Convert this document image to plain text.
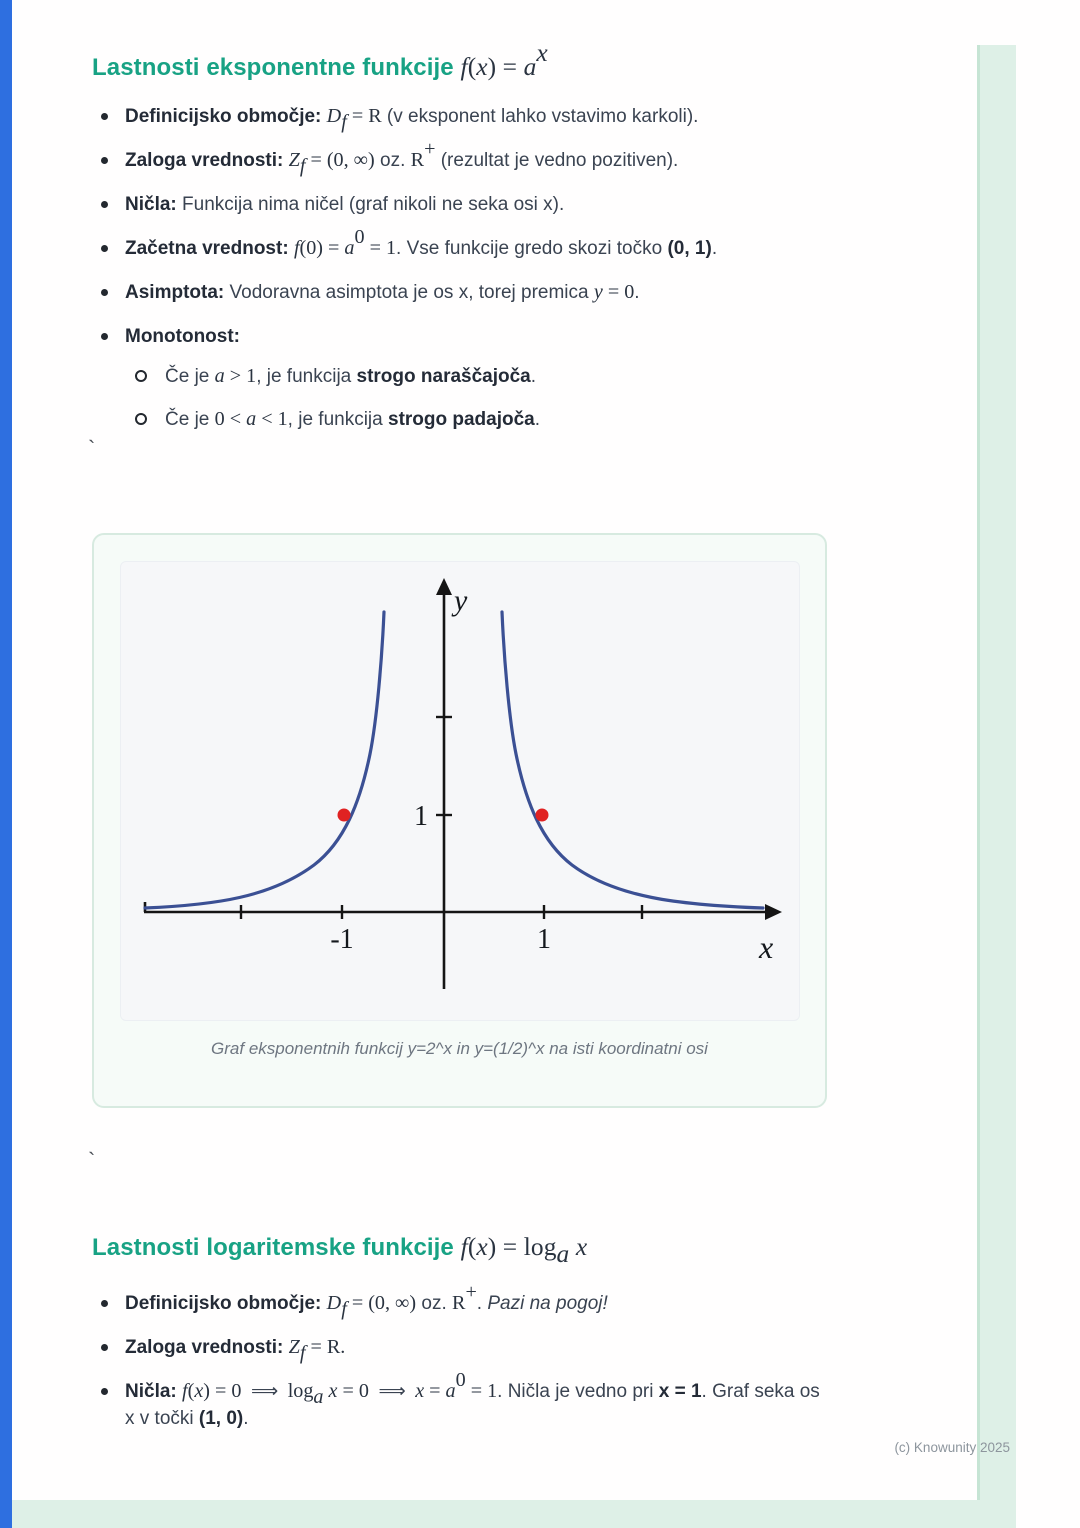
Lastnosti eksponentne funkcije $f(x) = a^x$
Definicijsko območje: $D_f = R$ (v eksponent lahko vstavimo karkoli).
Zaloga vrednosti: $Z_f = (0$, ∞) oz. R+ (rezultat je vedno pozitiven).
Ničla: Funkcija nima ničel (graf nikoli ne seka osi x).
Začetna vrednost: $f(0) = a^0 = 1$. Vse funkcije gredo skozi točko (0, 1).
Asimptota: Vodoravna asimptota je os x, torej premica y = 0.
Monotonost:
Če je a > 1, je funkcija strogo naraščajoča.
Če je 0 < a < 1, je funkcija strogo padajoča.
`
y
x
1
-1	1
Graf eksponentnih funkcij y=2^x in y=(1/2)^x na isti koordinatni osi
`
Lastnosti logaritemske funkcije $f(x) = \log_a x$
Definicijsko območje: $D_f = (0$, ∞) oz. R+. Pazi na pogoj!
Zaloga vrednosti: $Z_f = R$.
Ničla: f(x) = 0 ⟹ $\log_a x = 0$ ⟹ $x = a^0 = 1$. Ničla je vedno pri x = 1. Graf seka os x v točki (1, 0).
(c) Knowunity 2025
